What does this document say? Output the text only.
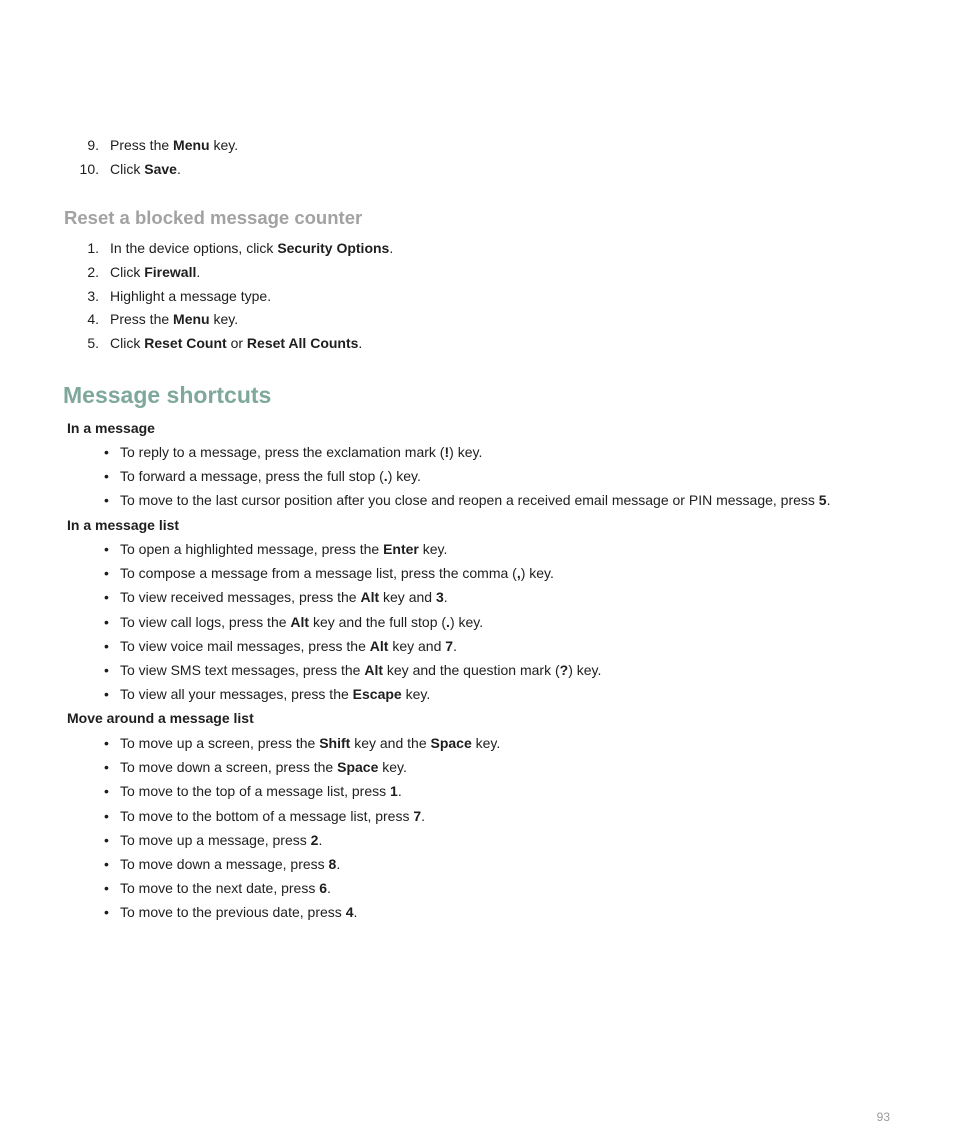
9. Press the Menu key.
10. Click Save.
Reset a blocked message counter
1. In the device options, click Security Options.
2. Click Firewall.
3. Highlight a message type.
4. Press the Menu key.
5. Click Reset Count or Reset All Counts.
Message shortcuts

In a message

• To reply to a message, press the exclamation mark (!) key.
• To forward a message, press the full stop (.) key.
• To move to the last cursor position after you close and reopen a received email message or PIN message, press 5.

In a message list

• To open a highlighted message, press the Enter key.
• To compose a message from a message list, press the comma (,) key.
• To view received messages, press the Alt key and 3.
• To view call logs, press the Alt key and the full stop (.) key.
• To view voice mail messages, press the Alt key and 7.
• To view SMS text messages, press the Alt key and the question mark (?) key.
• To view all your messages, press the Escape key.

Move around a message list

• To move up a screen, press the Shift key and the Space key.
• To move down a screen, press the Space key.
• To move to the top of a message list, press 1.
• To move to the bottom of a message list, press 7.
• To move up a message, press 2.
• To move down a message, press 8.
• To move to the next date, press 6.
• To move to the previous date, press 4.
93
